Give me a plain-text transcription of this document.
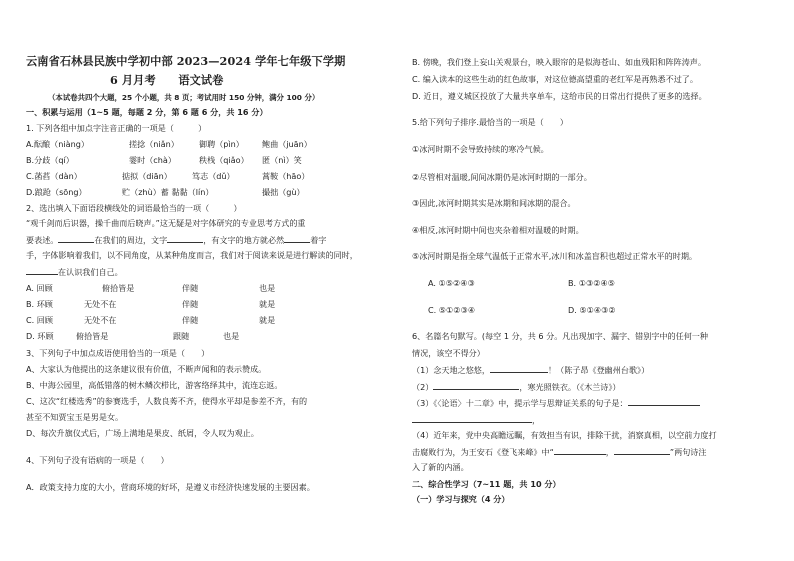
云南省石林县民族中学初中部 2023—2024 学年七年级下学期
6 月月考　　语文试卷
（本试卷共四个大题，25 个小题，共 8 页；考试用时 150 分钟，满分 100 分）
一、积累与运用（1~5 题，每题 2 分，第 6 题 6 分，共 16 分）
1. 下列各组中加点字注音正确的一项是（　　　）
A.酝酿（niàng）	搓捻（niǎn） 御聘（pìn） 鲍曲（juān）
B.分歧（qí）	霎时（chà）	秩栈（qiǎo） 匿（nì）笑
C.菡萏（dàn）	掂拟（diān） 笃志（dǔ）	蒿鞍（hāo）
D.踉跄（sōng）	贮（zhù）蓄 黏黏（lín）	撮拙（gù）
2、选出填入下面语段横线处的词语最恰当的一项（　　　）
“观千剑而后识器，操千曲而后晓声。”这无疑是对字体研究的专业思考方式的重
要表述。	在我们的周边，文字	，有文字的地方就必然	着字
手，字体影响着我们，以不同角度，从某种角度而言，我们对于阅读来说是进行解读的同时，
在认识我们自己。
A. 回顾	俯拾皆是	伴随	也是
B. 环顾	无处不在	伴随	就是
C. 回顾	无处不在	伴随	就是
D. 环顾	俯拾皆是	跟随	也是
3、下列句子中加点成语使用恰当的一项是（　　）
A、大家认为他提出的这条建议很有价值，不断声闻和的表示赞成。
B、中海公园里，高低错落的树木鳞次栉比，游客络绎其中，流连忘返。
C、这次“红楼选秀”的参赛选手，人数良莠不齐，使得水平却是参差不齐，有的
甚至不知贾宝玉是男是女。
D、每次升旗仪式后，广场上满地是果皮、纸屑，令人叹为观止。
4、下列句子没有语病的一项是（　　）
A．政策支持力度的大小，营商环境的好坏，是遵义市经济快速发展的主要因素。
B. 傍晚，我们登上妄山关观景台，映入眼帘的是似海苍山、如血残阳和阵阵涛声。
C. 编入读本的这些生动的红色故事，对这位德高望重的老红军是再熟悉不过了。
D. 近日，遵义城区投放了大量共享单车，这给市民的日常出行提供了更多的选择。
5.给下列句子排序.最恰当的一项是（　　）
①冰河时期不会导致持续的寒冷气候。
②尽管相对温暖,间间冰期仍是冰河时期的一部分。
③因此,冰河时期其实是冰期和间冰期的混合。
④相反,冰河时期中间也夹杂着相对温暖的时期。
⑤冰河时期是指全球气温低于正常水平,冰川和冰盖盲积也超过正常水平的时期。
A. ①⑤②④③	B. ①③②④⑤
C. ⑤①②③④	D. ⑤①④③②
6、名篇名句默写。(每空 1 分，共 6 分。凡出现加字、漏字、错别字中的任何一种
情况，该空不得分）
（1）念天地之悠悠，	！（陈子昂《登幽州台歌》）
（2）	，寒光照铁衣。（《木兰诗》）
（3）《〈论语〉十二章》中，提示学与思辩证关系的句子是：
，
（4）近年来，党中央高瞻远瞩，有效担当有识，排除干扰，消察真相，以空前力度打
击腐败行为，为王安石《登飞来峰》中“	，	”两句诗注
入了新的内涵。
二、综合性学习（7~11 题，共 10 分）
（一）学习与探究（4 分）
